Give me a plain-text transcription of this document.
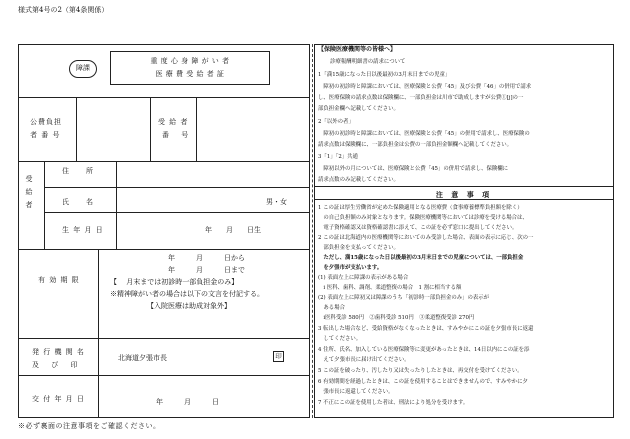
様式第4号の2（第4条関係）
重 度 心 身 障 が い 者
医 療 費 受 給 者 証
障課
公費負担
者 番 号
受 給 者
番　 号
受給者
住　　所
氏　　名	男・女
生 年 月 日	年　　月　　日生
有 効 期 限
年　　　月　　　日から
年　　　月　　　日まで
【　 月末までは初診時一部負担金のみ】
※精神障がい者の場合は以下の文言を付記する。
【入院医療は助成対象外】
発 行 機 関 名
及　 び　 印
北海道夕張市長	印
交 付 年 月 日	年　　　月　　　日
※必ず裏面の注意事項をご確認ください。
【保険医療機関等の皆様へ】
診療報酬明細書の請求について
1「満15歳になった日以後最初の3月末日までの児童」
　障初の初診時と障課においては、医療保険と公費「45」及び公費「46」の併用で請求
し、医療保険の請求点数は保険欄に、一部負担金は川市で助成しますが公費①[j]の一
部負担金欄へ記載してください。
2「以外の者」
　障初の初診時と障課においては、医療保険と公費「45」の併用で請求し、医療保険の
請求点数は保険欄に、一部負担金は公費の一部負担金額欄へ記載してください。
3「1」「2」共通
　障初以外の月については、医療保険と公費「45」の併用で請求し、保険欄に
請求点数のみ記載してください。
注 意 事 項
1 この証は厚生労働省が定めた保険適用となる医療費（食事療養標準負担額を除く）
　の自己負担額のみ対象となります。保険医療機関等においては診療を受ける場合は、
　電子資格確認又は資格確認書に添えて、この証を必ず窓口に提出してください。
2 この証は北海道内の医療機関等においてのみ受診した場合、表面の表示に応じ、次の一
　部負担金を支払ってください。
　ただし、満15歳になった日以後最初の3月末日までの児童については、一部負担金
　を夕張市が支払います。
(1) 表面左上に障課の表示がある場合
　ⅰ 医科、歯科、調剤、柔道整復の場合　1 割に相当する額
(2) 表面左上に障初又は障課のうち「初診時一部負担金のみ」の表示が
　ある場合
　ⅰ医科受診 580円　②歯科受診 510円　③柔道整復受診 270円
3 転出した場合など、受給資格がなくなったときは、すみやかにこの証を夕張市長に返還
　してください。
4 住所、氏名、加入している医療保険等に変更があったときは、14日以内にこの証を添
　えて夕張市長に届け出てください。
5 この証を破ったり、汚したり又は失ったりしたときは、再交付を受けてください。
6 有効期間を経過したときは、この証を使用することはできませんので、すみやかに夕
　張市長に返還してください。
7 不正にこの証を使用した者は、刑法により処分を受けます。
